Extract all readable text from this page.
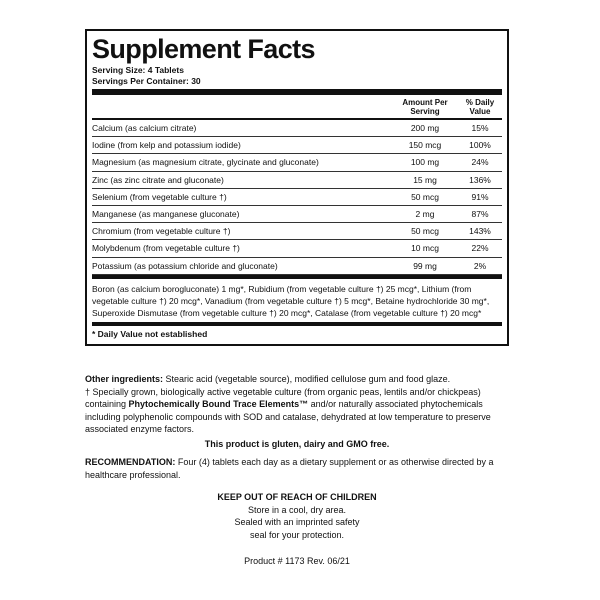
Supplement Facts
Serving Size: 4 Tablets
Servings Per Container: 30
Amount Per Serving
% Daily Value
Calcium (as calcium citrate)	200 mg	15%
Iodine (from kelp and potassium iodide)	150 mcg	100%
Magnesium (as magnesium citrate, glycinate and gluconate)	100 mg	24%
Zinc (as zinc citrate and gluconate)	15 mg	136%
Selenium (from vegetable culture †)	50 mcg	91%
Manganese (as manganese gluconate)	2 mg	87%
Chromium (from vegetable culture †)	50 mcg	143%
Molybdenum (from vegetable culture †)	10 mcg	22%
Potassium (as potassium chloride and gluconate)	99 mg	2%
Boron (as calcium borogluconate) 1 mg*, Rubidium (from vegetable culture †) 25 mcg*, Lithium (from vegetable culture †) 20 mcg*, Vanadium (from vegetable culture †) 5 mcg*, Betaine hydrochloride 30 mg*, Superoxide Dismutase (from vegetable culture †) 20 mcg*, Catalase (from vegetable culture †) 20 mcg*
* Daily Value not established

Other ingredients: Stearic acid (vegetable source), modified cellulose gum and food glaze.

† Specially grown, biologically active vegetable culture (from organic peas, lentils and/or chickpeas) containing Phytochemically Bound Trace Elements™ and/or naturally associated phytochemicals including polyphenolic compounds with SOD and catalase, dehydrated at low temperature to preserve associated enzyme factors.

This product is gluten, dairy and GMO free.

RECOMMENDATION: Four (4) tablets each day as a dietary supplement or as otherwise directed by a healthcare professional.

KEEP OUT OF REACH OF CHILDREN

Store in a cool, dry area.

Sealed with an imprinted safety

seal for your protection.

Product # 1173 Rev. 06/21
